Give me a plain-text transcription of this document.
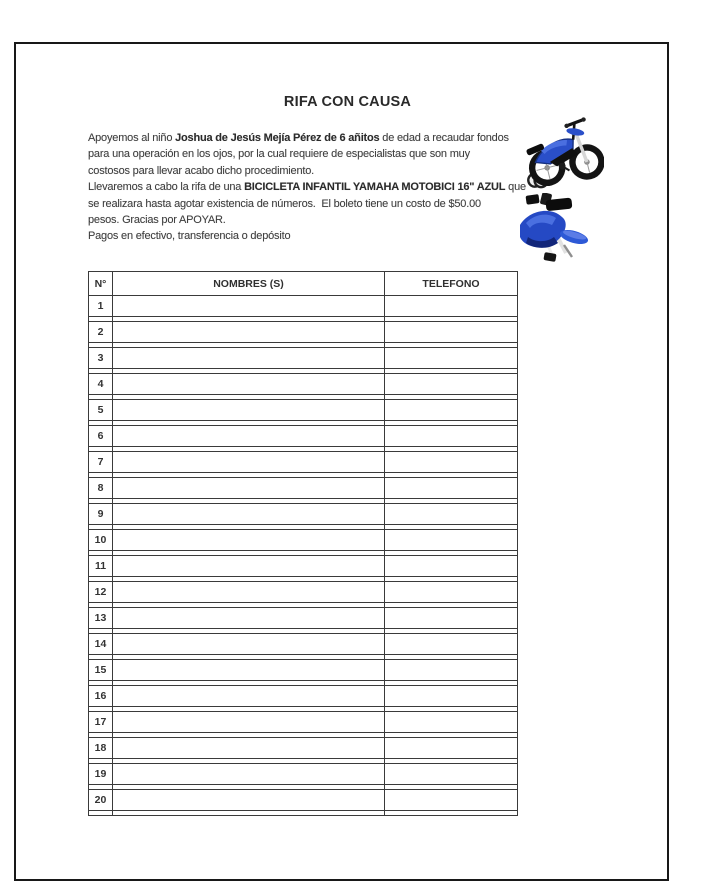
RIFA CON CAUSA
Apoyemos al niño Joshua de Jesús Mejía Pérez de 6 añitos de edad a recaudar fondos
para una operación en los ojos, por la cual requiere de especialistas que son muy
costosos para llevar acabo dicho procedimiento.
Llevaremos a cabo la rifa de una BICICLETA INFANTIL YAMAHA MOTOBICI 16" AZUL que
se realizara hasta agotar existencia de números.  El boleto tiene un costo de $50.00
pesos. Gracias por APOYAR.
Pagos en efectivo, transferencia o depósito
N°	NOMBRES (S)	TELEFONO
1		

2		

3		

4		

5		

6		

7		

8		

9		

10		

11		

12		

13		

14		

15		

16		

17		

18		

19		

20		
